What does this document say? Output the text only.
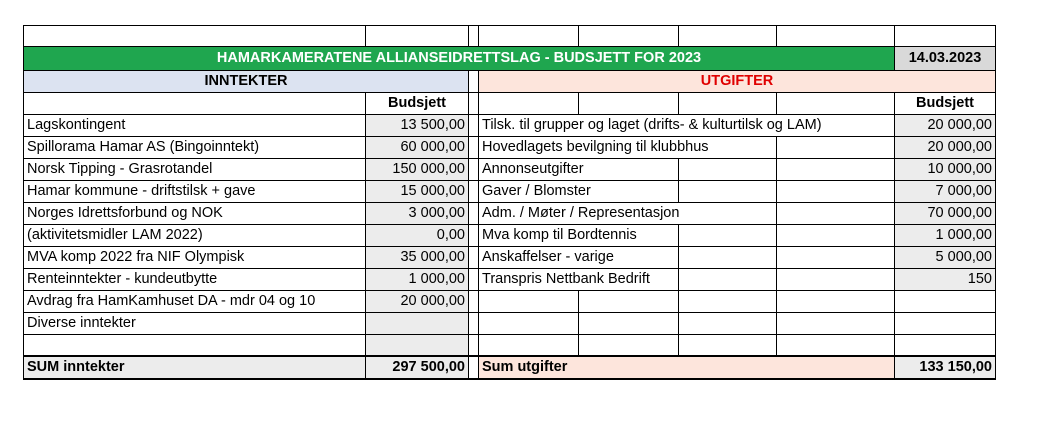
HAMARKAMERATENE ALLIANSEIDRETTSLAG - BUDSJETT FOR 2023							14.03.2023
INNTEKTER			UTGIFTER				
	Budsjett						Budsjett
Lagskontingent	13 500,00		Tilsk. til grupper og laget (drifts- & kulturtilsk og LAM)				20 000,00
Spillorama Hamar AS (Bingoinntekt)	60 000,00		Hovedlagets bevilgning til klubbhus				20 000,00
Norsk Tipping - Grasrotandel	150 000,00		Annonseutgifter				10 000,00
Hamar kommune - driftstilsk + gave	15 000,00		Gaver / Blomster				7 000,00
Norges Idrettsforbund og NOK	3 000,00		Adm. / Møter / Representasjon				70 000,00
(aktivitetsmidler LAM 2022)	0,00		Mva komp til Bordtennis				1 000,00
MVA komp 2022 fra NIF Olympisk	35 000,00		Anskaffelser - varige				5 000,00
Renteinntekter - kundeutbytte	1 000,00		Transpris Nettbank Bedrift				150
Avdrag fra HamKamhuset DA - mdr 04 og 10	20 000,00						
Diverse inntekter							

SUM inntekter	297 500,00		Sum utgifter				133 150,00
